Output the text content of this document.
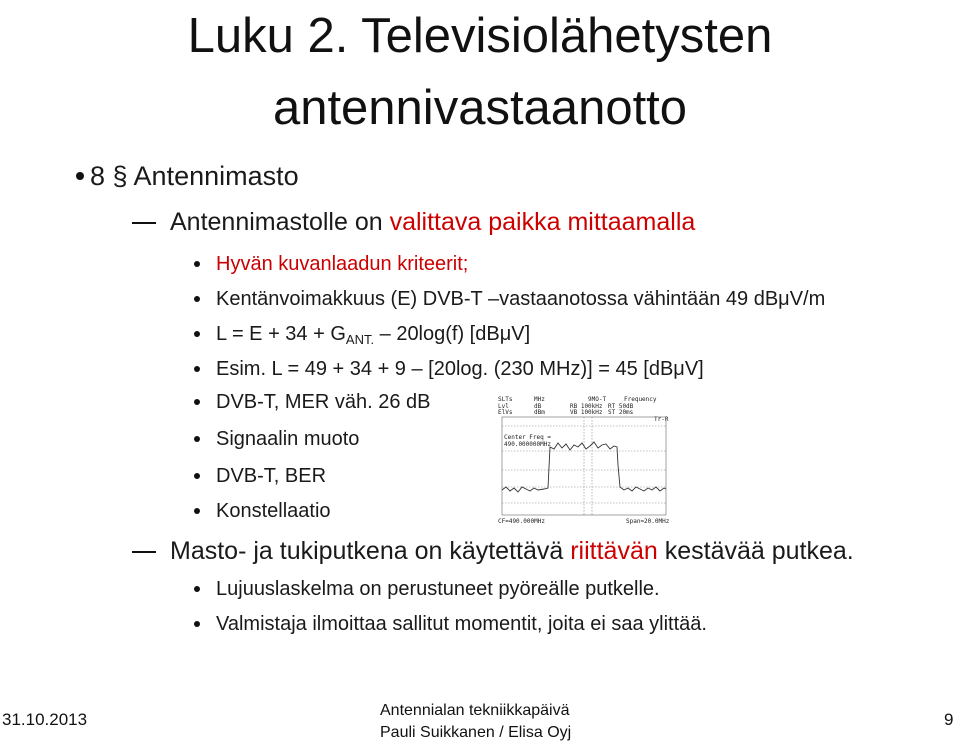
Luku 2. Televisiolähetysten
antennivastaanotto
8 § Antennimasto
Antennimastolle on valittava paikka mittaamalla
Hyvän kuvanlaadun kriteerit;
Kentänvoimakkuus (E) DVB-T –vastaanotossa vähintään 49 dBμV/m
$L = E + 34 + G_{ANT.} - 20\log(f)$ [dBμV]
Esim. L = 49 + 34 + 9 – [20log. (230 MHz)] = 45 [dBμV]
DVB-T, MER väh. 26 dB
Signaalin muoto
DVB-T, BER
Konstellaatio
SLTs	MHz	9MO-T	Frequency
Lvl	dB	RB 100kHz RT 50dB
ElVs	dBm	VB 100kHz ST 20ms
Tr-R
Center Freq =
490.000000MHz
CF=490.000MHz	Span=20.0MHz
Masto- ja tukiputkena on käytettävä riittävän kestävää putkea.
Lujuuslaskelma on perustuneet pyöreälle putkelle.
Valmistaja ilmoittaa sallitut momentit, joita ei saa ylittää.
31.10.2013	Antennialan tekniikkapäivä
Pauli Suikkanen / Elisa Oyj
9
